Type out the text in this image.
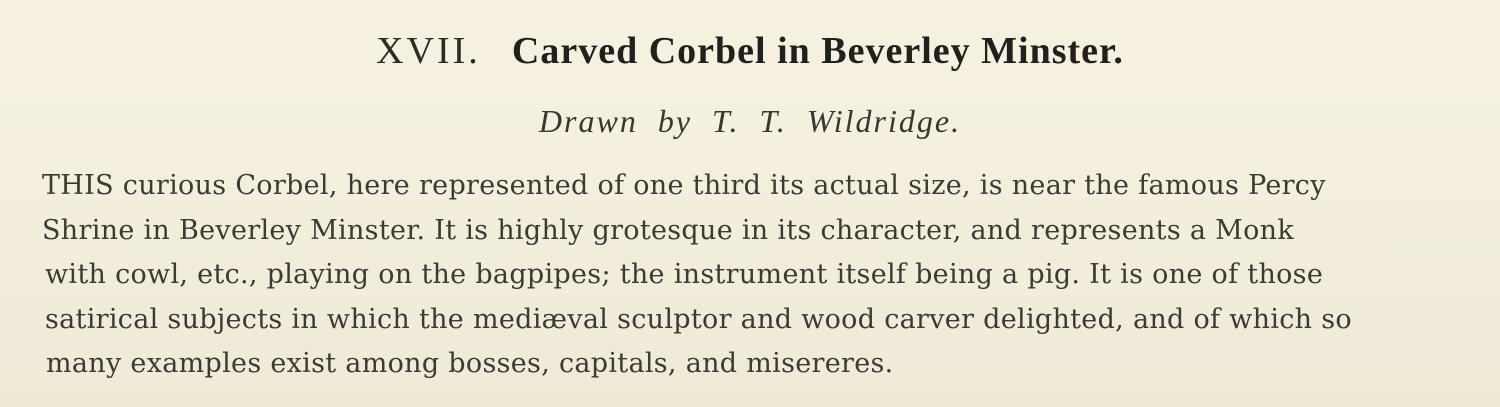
XVII. Carved Corbel in Beverley Minster.
Drawn by T. T. Wildridge.
THIS curious Corbel, here represented of one third its actual size, is near the famous Percy
Shrine in Beverley Minster. It is highly grotesque in its character, and represents a Monk
with cowl, etc., playing on the bagpipes; the instrument itself being a pig. It is one of those
satirical subjects in which the mediæval sculptor and wood carver delighted, and of which so
many examples exist among bosses, capitals, and misereres.
